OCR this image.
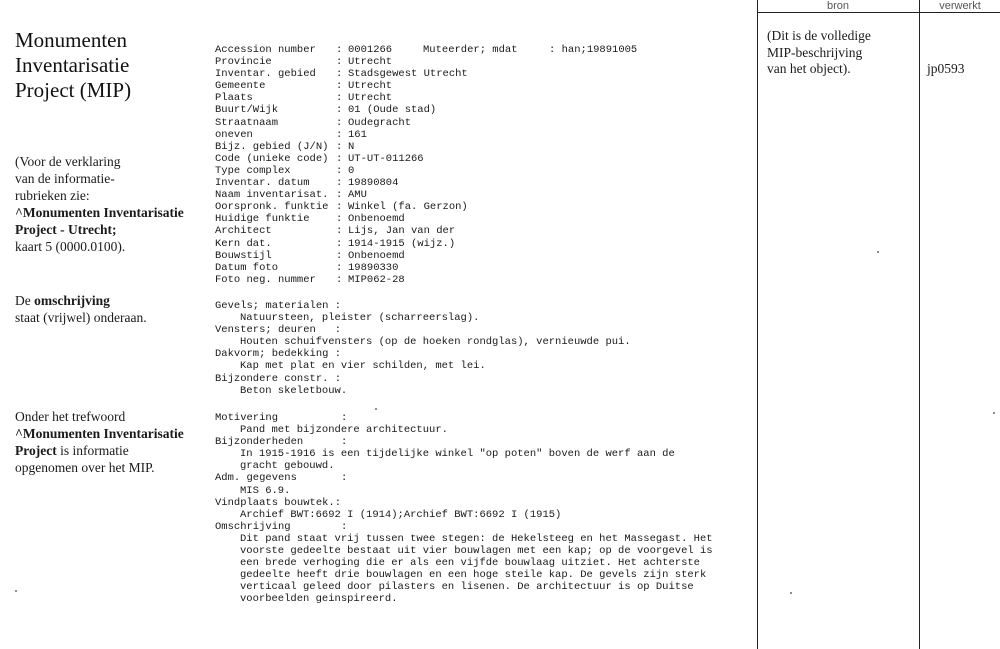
Monumenten
Inventarisatie
Project (MIP)
(Voor de verklaring
van de informatie-
rubrieken zie:
^Monumenten Inventarisatie
Project - Utrecht;
kaart 5 (0000.0100).
De omschrijving
staat (vrijwel) onderaan.
Onder het trefwoord
^Monumenten Inventarisatie
Project is informatie
opgenomen over het MIP.
Muteerder; mdat     : han;19891005
Accession number	: 0001266
Provincie	: Utrecht
Inventar. gebied	: Stadsgewest Utrecht
Gemeente	: Utrecht
Plaats	: Utrecht
Buurt/Wijk	: 01 (Oude stad)
Straatnaam	: Oudegracht
oneven	: 161
Bijz. gebied (J/N) : N
Code (unieke code) : UT-UT-011266
Type complex	: 0
Inventar. datum	: 19890804
Naam inventarisat. : AMU
Oorspronk. funktie : Winkel (fa. Gerzon)
Huidige funktie	: Onbenoemd
Architect	: Lijs, Jan van der
Kern dat.	: 1914-1915 (wijz.)
Bouwstijl	: Onbenoemd
Datum foto	: 19890330
Foto neg. nummer	: MIP062-28
Gevels; materialen :
Natuursteen, pleister (scharreerslag).
Vensters; deuren   :
Houten schuifvensters (op de hoeken rondglas), vernieuwde pui.
Dakvorm; bedekking :
Kap met plat en vier schilden, met lei.
Bijzondere constr. :
Beton skeletbouw.
Motivering          :
Pand met bijzondere architectuur.
Bijzonderheden      :
In 1915-1916 is een tijdelijke winkel "op poten" boven de werf aan de
gracht gebouwd.
Adm. gegevens       :
MIS 6.9.
Vindplaats bouwtek.:
Archief BWT:6692 I (1914);Archief BWT:6692 I (1915)
Omschrijving        :
Dit pand staat vrij tussen twee stegen: de Hekelsteeg en het Massegast. Het
voorste gedeelte bestaat uit vier bouwlagen met een kap; op de voorgevel is
een brede verhoging die er als een vijfde bouwlaag uitziet. Het achterste
gedeelte heeft drie bouwlagen en een hoge steile kap. De gevels zijn sterk
verticaal geleed door pilasters en lisenen. De architectuur is op Duitse
voorbeelden geinspireerd.
bron	verwerkt
(Dit is de volledige
MIP-beschrijving
van het object).	jp0593
